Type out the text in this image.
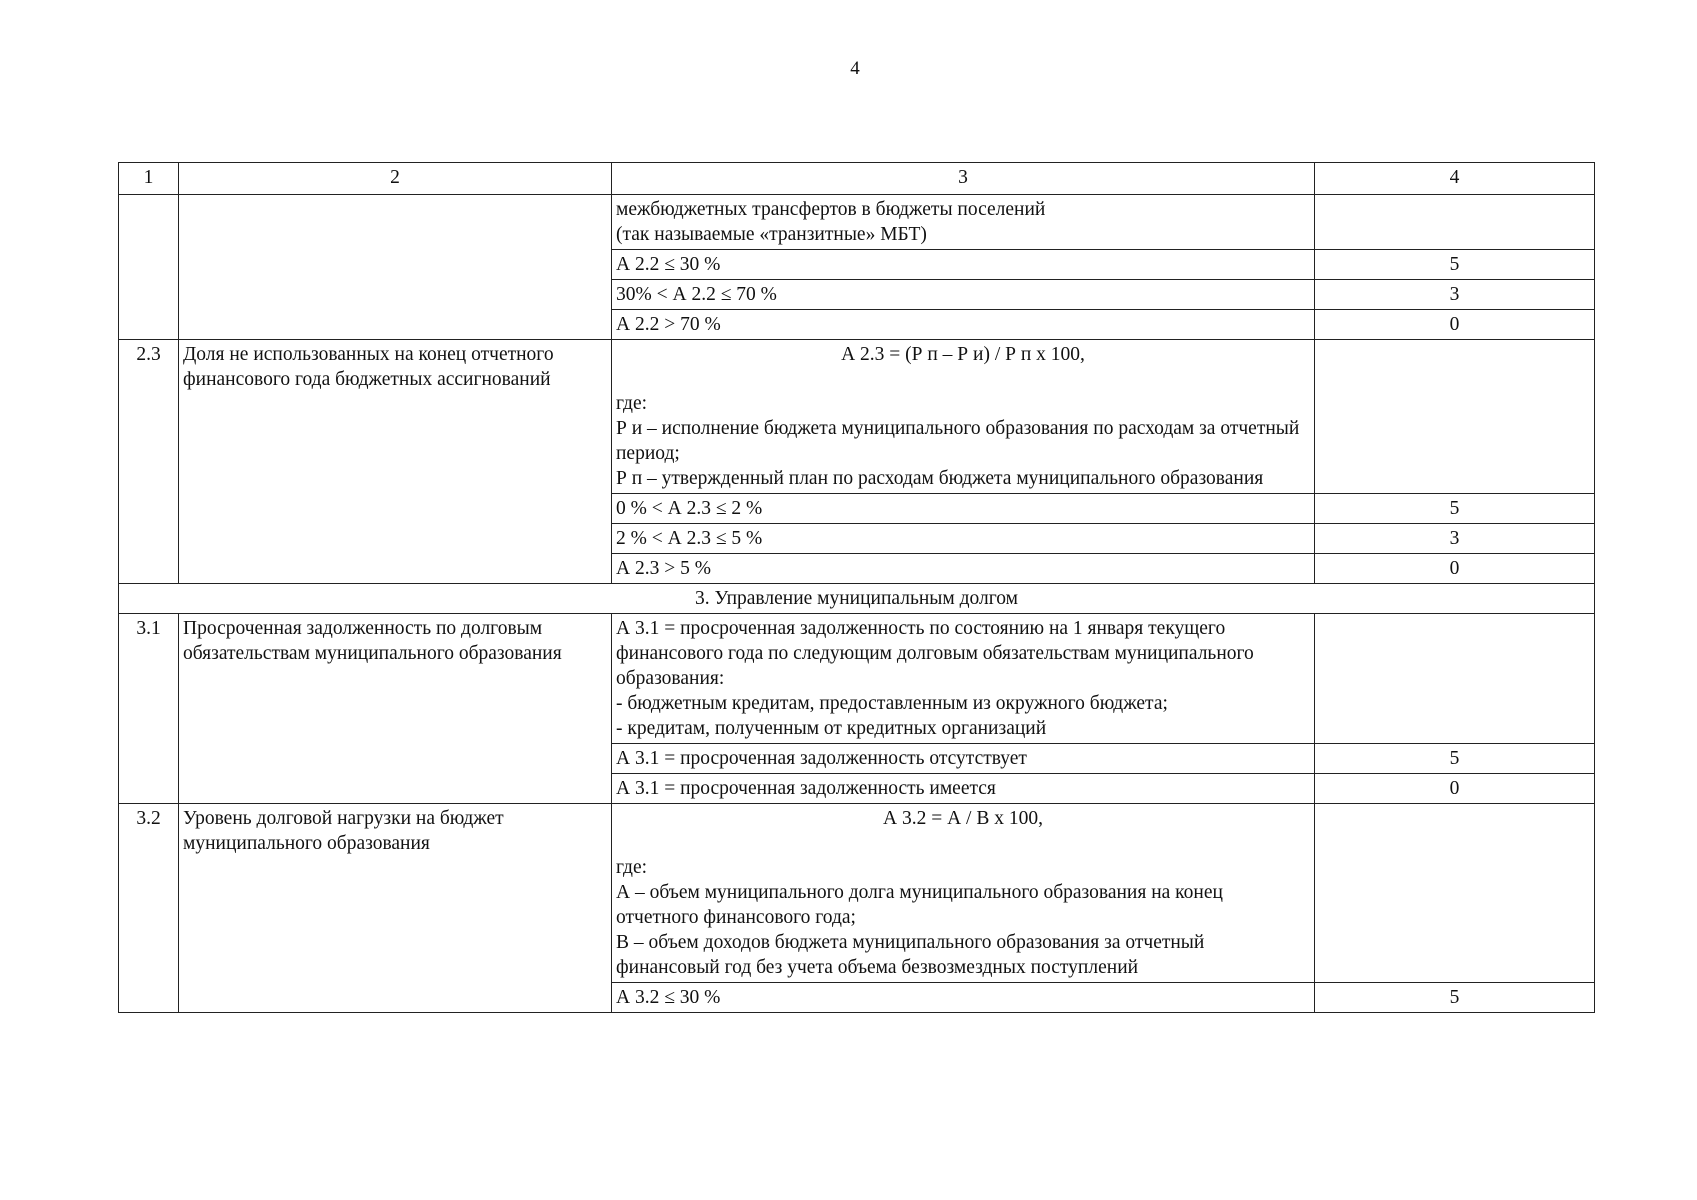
4
1	2	3	4

		межбюджетных трансфертов в бюджеты поселений
(так называемые «транзитные» МБТ)	

		А 2.2 ≤ 30 %	5
		30% < А 2.2 ≤ 70 %	3
		А 2.2 > 70 %	0
2.3	Доля не использованных на конец отчетного финансового года бюджетных ассигнований	А 2.3 = (Р п – Р и) / Р п х 100,
где:
Р и – исполнение бюджета муниципального образования по расходам за отчетный период;
Р п – утвержденный план по расходам бюджета муниципального образования	

		0 % < А 2.3 ≤ 2 %	5
		2 % < А 2.3 ≤ 5 %	3
		А 2.3 > 5 %	0
3. Управление муниципальным долгом			
3.1	Просроченная задолженность по долговым обязательствам муниципального образования	А 3.1 = просроченная задолженность по состоянию на 1 января текущего финансового года по следующим долговым обязательствам муниципального образования:
- бюджетным кредитам, предоставленным из окружного бюджета;
- кредитам, полученным от кредитных организаций	

		А 3.1 = просроченная задолженность отсутствует	5
		А 3.1 = просроченная задолженность имеется	0
3.2	Уровень долговой нагрузки на бюджет муниципального образования	А 3.2 = А / В х 100,
где:
А – объем муниципального долга муниципального образования на конец отчетного финансового года;
В – объем доходов бюджета муниципального образования за отчетный финансовый год без учета объема безвозмездных поступлений	

		А 3.2 ≤ 30 %	5
